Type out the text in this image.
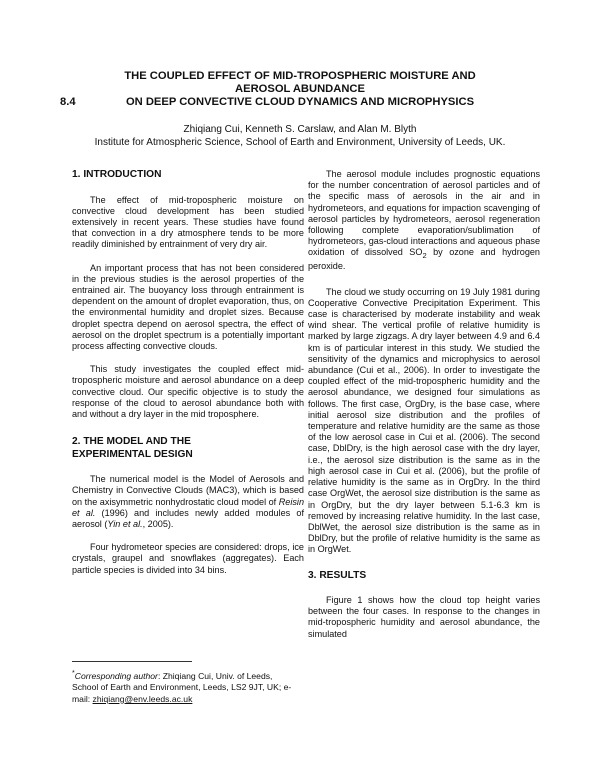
THE COUPLED EFFECT OF MID-TROPOSPHERIC MOISTURE AND
AEROSOL ABUNDANCE
8.4	ON DEEP CONVECTIVE CLOUD DYNAMICS AND MICROPHYSICS
Zhiqiang Cui, Kenneth S. Carslaw, and Alan M. Blyth
Institute for Atmospheric Science, School of Earth and Environment, University of Leeds, UK.
1. INTRODUCTION

The effect of mid-tropospheric moisture on convective cloud development has been studied extensively in recent years. These studies have found that convection in a dry atmosphere tends to be more readily diminished by entrainment of very dry air.

An important process that has not been considered in the previous studies is the aerosol properties of the entrained air. The buoyancy loss through entrainment is dependent on the amount of droplet evaporation, thus, on the environmental humidity and droplet sizes. Because droplet spectra depend on aerosol spectra, the effect of aerosol on the droplet spectrum is a potentially important process affecting convective clouds.

This study investigates the coupled effect mid-tropospheric moisture and aerosol abundance on a deep convective cloud. Our specific objective is to study the response of the cloud to aerosol abundance both with and without a dry layer in the mid troposphere.

2. THE MODEL AND THE
EXPERIMENTAL DESIGN

The numerical model is the Model of Aerosols and Chemistry in Convective Clouds (MAC3), which is based on the axisymmetric nonhydrostatic cloud model of Reisin et al. (1996) and includes newly added modules of aerosol (Yin et al., 2005).

Four hydrometeor species are considered: drops, ice crystals, graupel and snowflakes (aggregates). Each particle species is divided into 34 bins.

*Corresponding author: Zhiqiang Cui, Univ. of Leeds, School of Earth and Environment, Leeds, LS2 9JT, UK; e-mail: zhiqiang@env.leeds.ac.uk

The aerosol module includes prognostic equations for the number concentration of aerosol particles and of the specific mass of aerosols in the air and in hydrometeors, and equations for impaction scavenging of aerosol particles by hydrometeors, aerosol regeneration following complete evaporation/sublimation of hydrometeors, gas-cloud interactions and aqueous phase oxidation of dissolved $SO_2$ by ozone and hydrogen peroxide.

The cloud we study occurring on 19 July 1981 during Cooperative Convective Precipitation Experiment. This case is characterised by moderate instability and weak wind shear. The vertical profile of relative humidity is marked by large zigzags. A dry layer between 4.9 and 6.4 km is of particular interest in this study. We studied the sensitivity of the dynamics and microphysics to aerosol abundance (Cui et al., 2006). In order to investigate the coupled effect of the mid-tropospheric humidity and the aerosol abundance, we designed four simulations as follows. The first case, OrgDry, is the base case, where initial aerosol size distribution and the profiles of temperature and relative humidity are the same as those of the low aerosol case in Cui et al. (2006). The second case, DblDry, is the high aerosol case with the dry layer, i.e., the aerosol size distribution is the same as in the high aerosol case in Cui et al. (2006), but the profile of relative humidity is the same as in OrgDry. In the third case OrgWet, the aerosol size distribution is the same as in OrgDry, but the dry layer between 5.1-6.3 km is removed by increasing relative humidity. In the last case, DblWet, the aerosol size distribution is the same as in DblDry, but the profile of relative humidity is the same as in OrgWet.

3. RESULTS

Figure 1 shows how the cloud top height varies between the four cases. In response to the changes in mid-tropospheric humidity and aerosol abundance, the simulated
